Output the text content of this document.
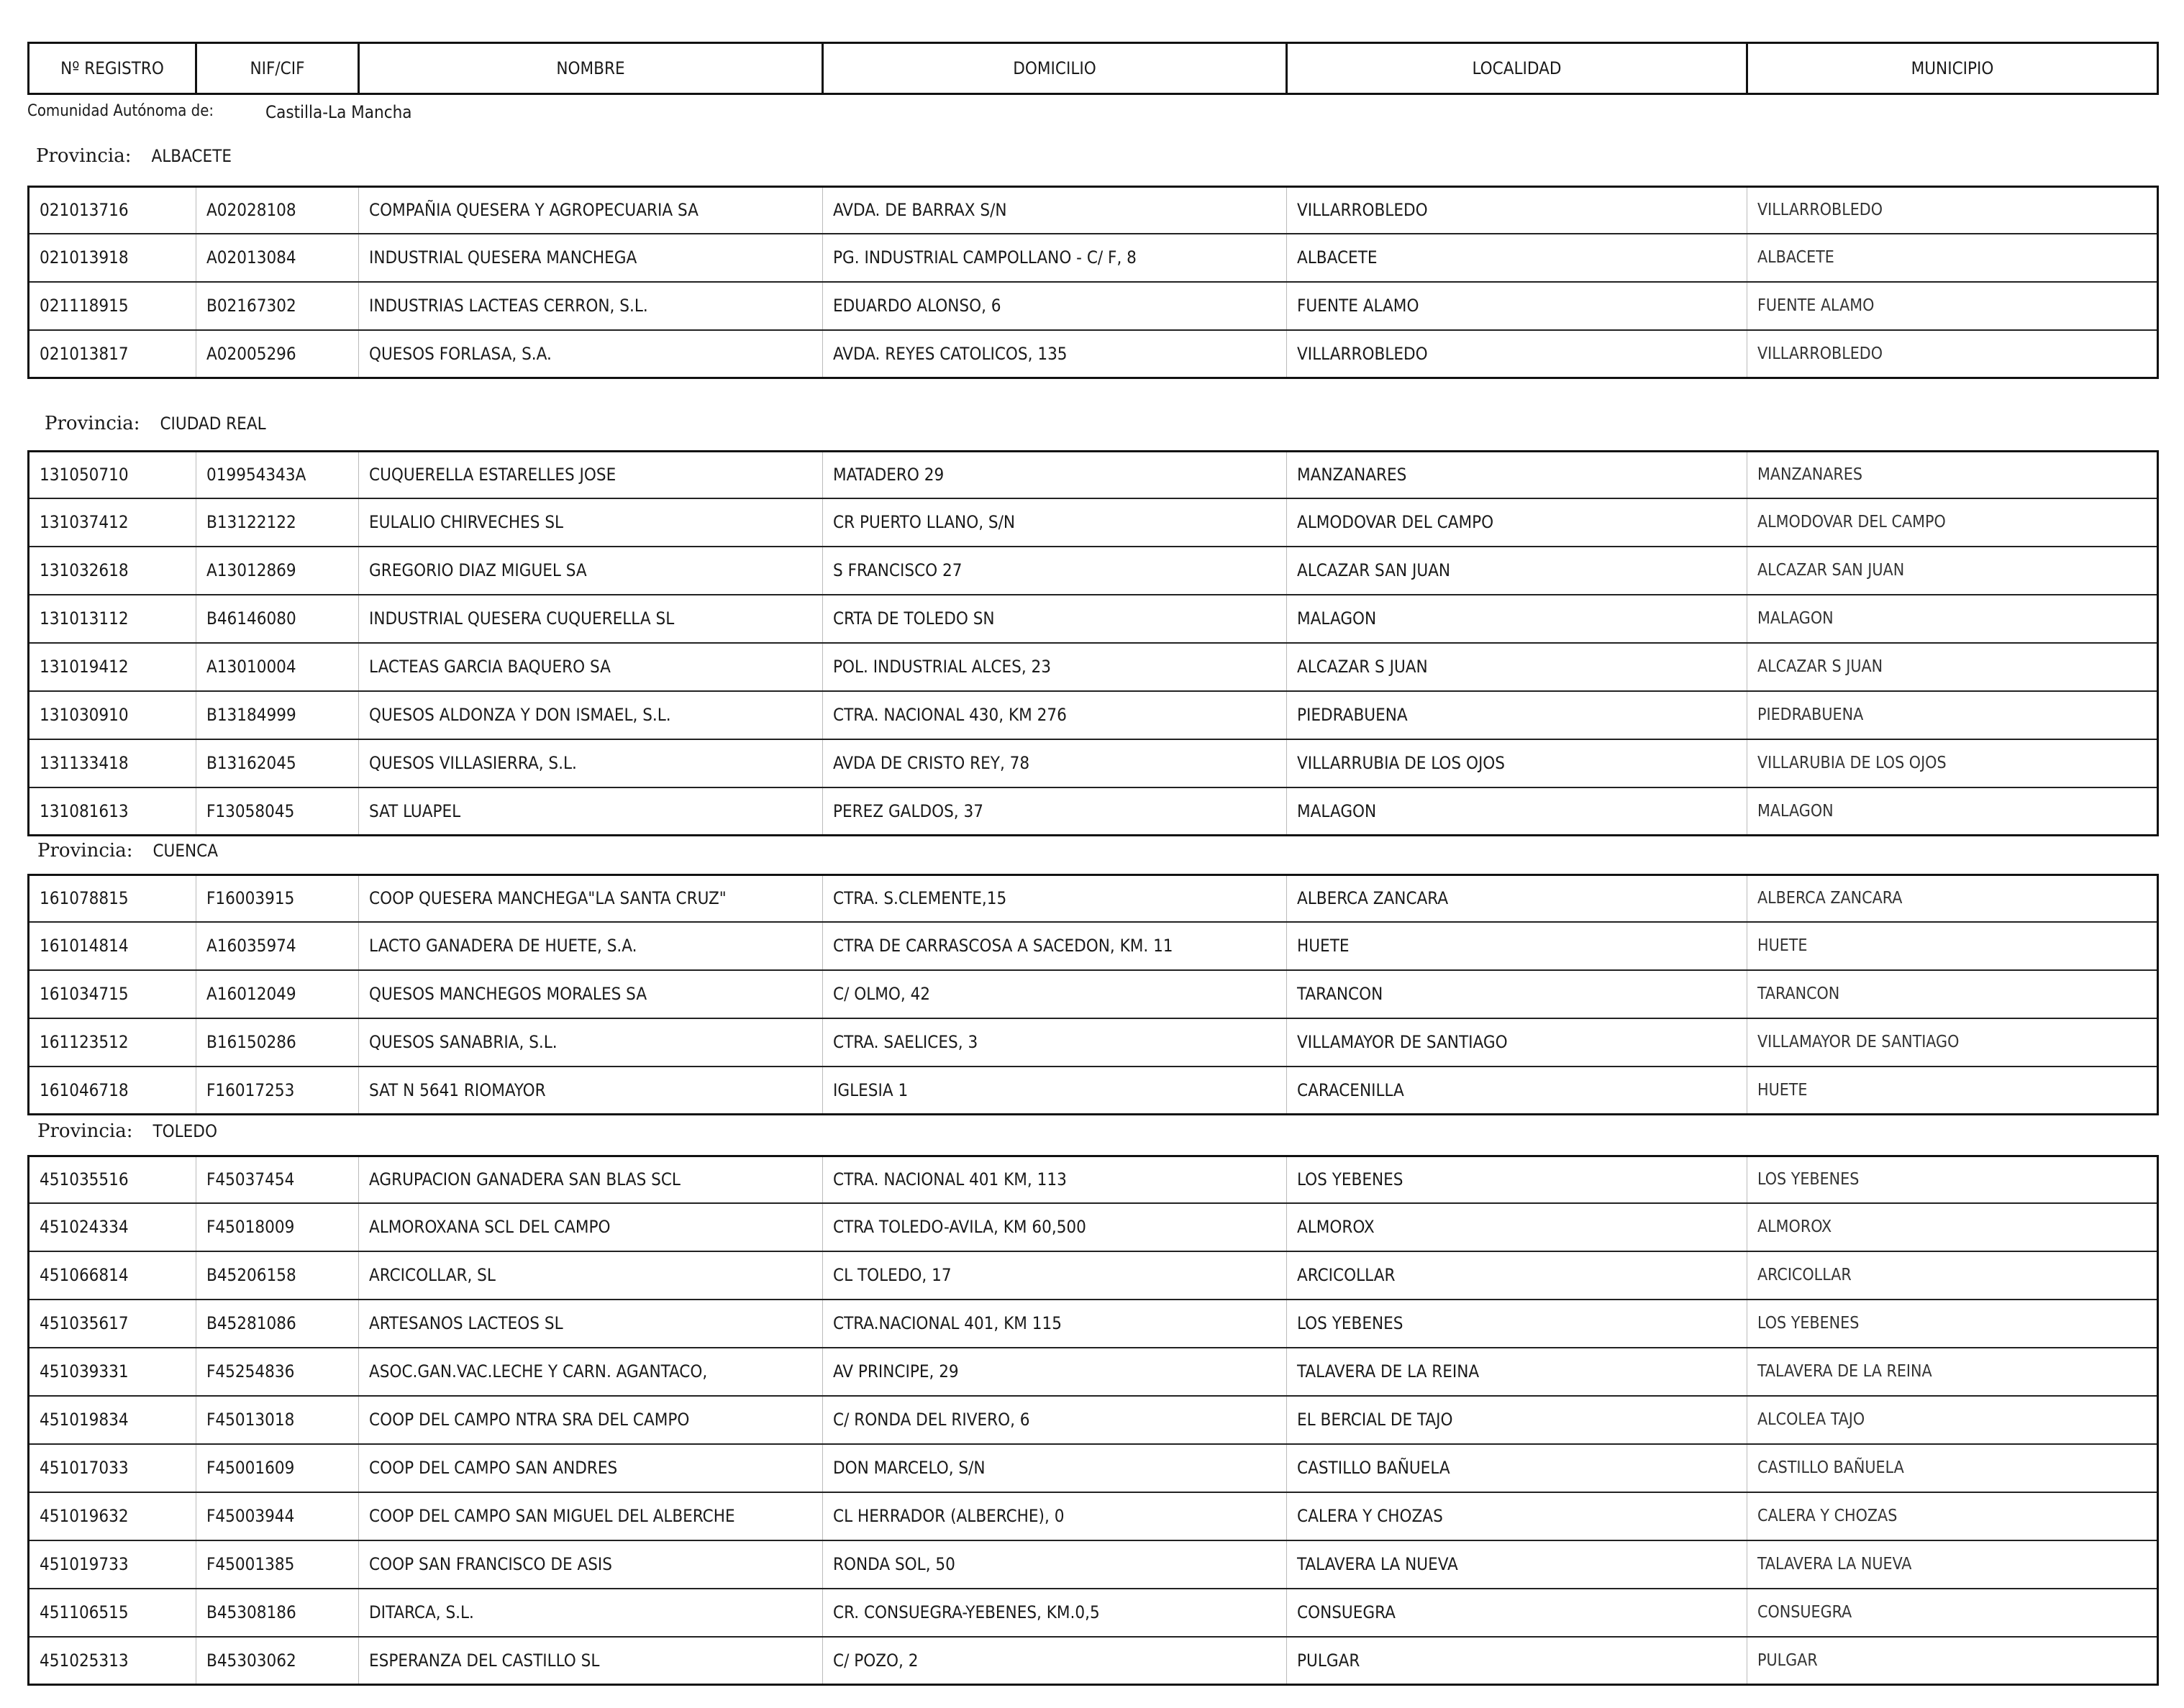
Nº REGISTRO	NIF/CIF	NOMBRE	DOMICILIO	LOCALIDAD	MUNICIPIO
Comunidad Autónoma de:	Castilla-La Mancha
Provincia: ALBACETE
Provincia: CIUDAD REAL
Provincia: CUENCA
Provincia: TOLEDO
021013716	A02028108	COMPAÑIA QUESERA Y AGROPECUARIA SA	AVDA. DE BARRAX S/N	VILLARROBLEDO	VILLARROBLEDO
021013918	A02013084	INDUSTRIAL QUESERA MANCHEGA	PG. INDUSTRIAL CAMPOLLANO - C/ F, 8	ALBACETE	ALBACETE
021118915	B02167302	INDUSTRIAS LACTEAS CERRON, S.L.	EDUARDO ALONSO, 6	FUENTE ALAMO	FUENTE ALAMO
021013817	A02005296	QUESOS FORLASA, S.A.	AVDA. REYES CATOLICOS, 135	VILLARROBLEDO	VILLARROBLEDO
131050710	019954343A	CUQUERELLA ESTARELLES JOSE	MATADERO 29	MANZANARES	MANZANARES
131037412	B13122122	EULALIO CHIRVECHES SL	CR PUERTO LLANO, S/N	ALMODOVAR DEL CAMPO	ALMODOVAR DEL CAMPO
131032618	A13012869	GREGORIO DIAZ MIGUEL SA	S FRANCISCO 27	ALCAZAR SAN JUAN	ALCAZAR SAN JUAN
131013112	B46146080	INDUSTRIAL QUESERA CUQUERELLA SL	CRTA DE TOLEDO SN	MALAGON	MALAGON
131019412	A13010004	LACTEAS GARCIA BAQUERO SA	POL. INDUSTRIAL ALCES, 23	ALCAZAR S JUAN	ALCAZAR S JUAN
131030910	B13184999	QUESOS ALDONZA Y DON ISMAEL, S.L.	CTRA. NACIONAL 430, KM 276	PIEDRABUENA	PIEDRABUENA
131133418	B13162045	QUESOS VILLASIERRA, S.L.	AVDA DE CRISTO REY, 78	VILLARRUBIA DE LOS OJOS	VILLARUBIA DE LOS OJOS
131081613	F13058045	SAT LUAPEL	PEREZ GALDOS, 37	MALAGON	MALAGON
161078815	F16003915	COOP QUESERA MANCHEGA"LA SANTA CRUZ"	CTRA. S.CLEMENTE,15	ALBERCA ZANCARA	ALBERCA ZANCARA
161014814	A16035974	LACTO GANADERA DE HUETE, S.A.	CTRA DE CARRASCOSA A SACEDON, KM. 11	HUETE	HUETE
161034715	A16012049	QUESOS MANCHEGOS MORALES SA	C/ OLMO, 42	TARANCON	TARANCON
161123512	B16150286	QUESOS SANABRIA, S.L.	CTRA. SAELICES, 3	VILLAMAYOR DE SANTIAGO	VILLAMAYOR DE SANTIAGO
161046718	F16017253	SAT N 5641 RIOMAYOR	IGLESIA 1	CARACENILLA	HUETE
451035516	F45037454	AGRUPACION GANADERA SAN BLAS SCL	CTRA. NACIONAL 401 KM, 113	LOS YEBENES	LOS YEBENES
451024334	F45018009	ALMOROXANA SCL DEL CAMPO	CTRA TOLEDO-AVILA, KM 60,500	ALMOROX	ALMOROX
451066814	B45206158	ARCICOLLAR, SL	CL TOLEDO, 17	ARCICOLLAR	ARCICOLLAR
451035617	B45281086	ARTESANOS LACTEOS SL	CTRA.NACIONAL 401, KM 115	LOS YEBENES	LOS YEBENES
451039331	F45254836	ASOC.GAN.VAC.LECHE Y CARN. AGANTACO,	AV PRINCIPE, 29	TALAVERA DE LA REINA	TALAVERA DE LA REINA
451019834	F45013018	COOP DEL CAMPO NTRA SRA DEL CAMPO	C/ RONDA DEL RIVERO, 6	EL BERCIAL DE TAJO	ALCOLEA TAJO
451017033	F45001609	COOP DEL CAMPO SAN ANDRES	DON MARCELO, S/N	CASTILLO BAÑUELA	CASTILLO BAÑUELA
451019632	F45003944	COOP DEL CAMPO SAN MIGUEL DEL ALBERCHE	CL HERRADOR (ALBERCHE), 0	CALERA Y CHOZAS	CALERA Y CHOZAS
451019733	F45001385	COOP SAN FRANCISCO DE ASIS	RONDA SOL, 50	TALAVERA LA NUEVA	TALAVERA LA NUEVA
451106515	B45308186	DITARCA, S.L.	CR. CONSUEGRA-YEBENES, KM.0,5	CONSUEGRA	CONSUEGRA
451025313	B45303062	ESPERANZA DEL CASTILLO SL	C/ POZO, 2	PULGAR	PULGAR
